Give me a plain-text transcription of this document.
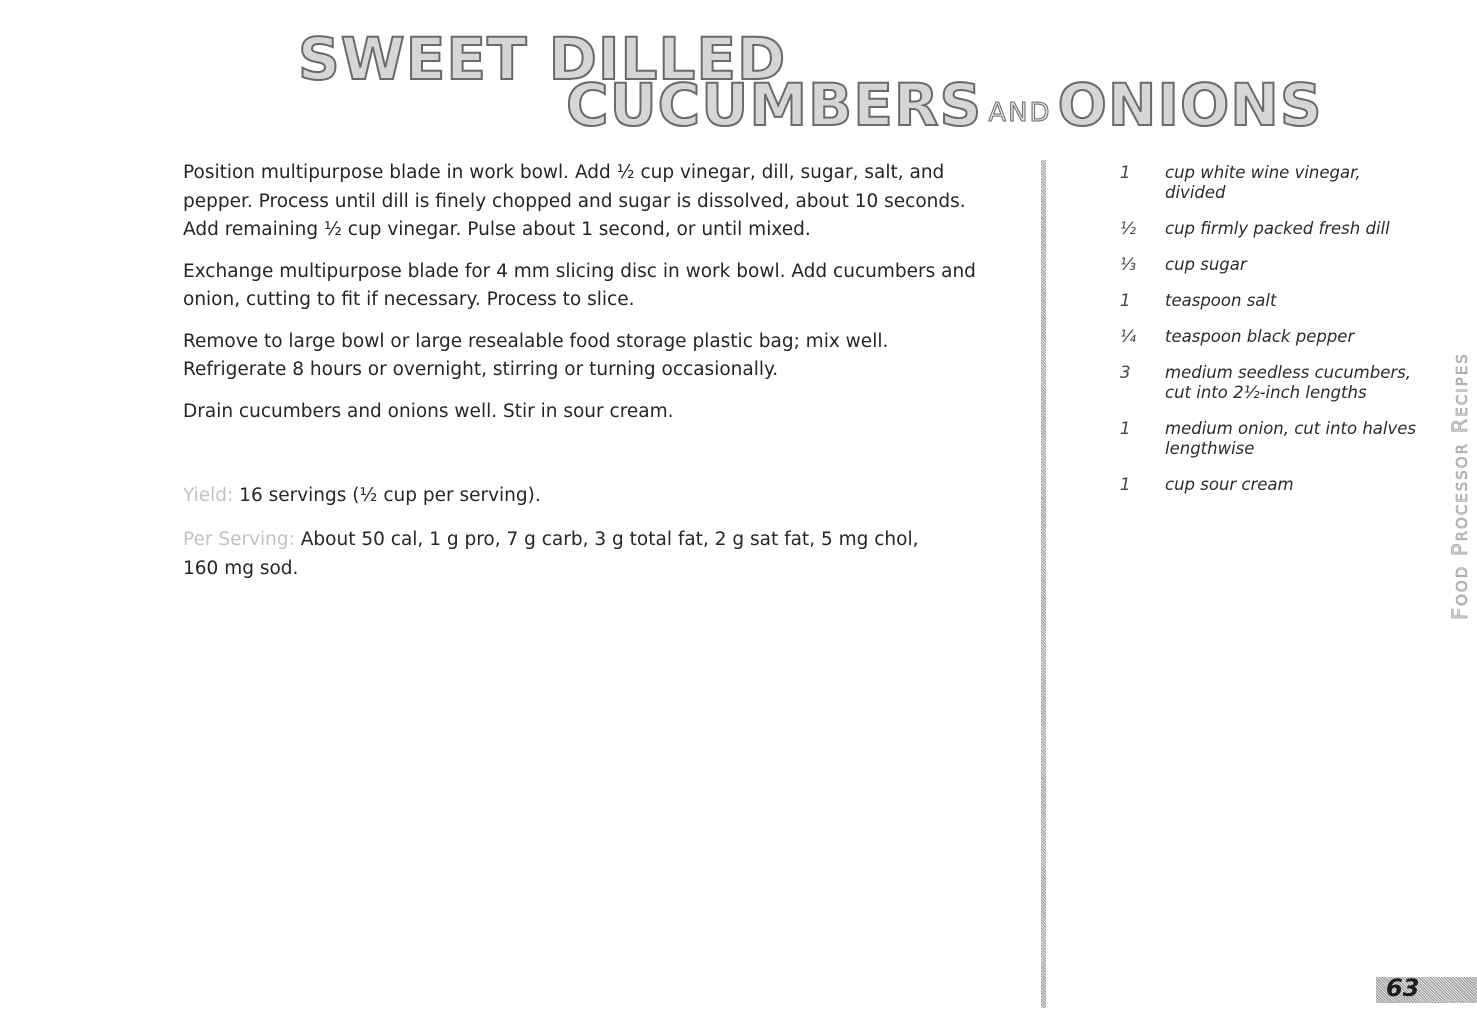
SWEET DILLED
CUCUMBERS AND ONIONS

Position multipurpose blade in work bowl. Add ½ cup vinegar, dill, sugar, salt, and pepper. Process until dill is finely chopped and sugar is dissolved, about 10 seconds. Add remaining ½ cup vinegar. Pulse about 1 second, or until mixed.

Exchange multipurpose blade for 4 mm slicing disc in work bowl. Add cucumbers and onion, cutting to fit if necessary. Process to slice.

Remove to large bowl or large resealable food storage plastic bag; mix well. Refrigerate 8 hours or overnight, stirring or turning occasionally.

Drain cucumbers and onions well. Stir in sour cream.

Yield: 16 servings (½ cup per serving).
Per Serving: About 50 cal, 1 g pro, 7 g carb, 3 g total fat, 2 g sat fat, 5 mg chol, 160 mg sod.
1	cup white wine vinegar, divided
½	cup firmly packed fresh dill
⅓	cup sugar
1	teaspoon salt
¼	teaspoon black pepper
3	medium seedless cucumbers, cut into 2½-inch lengths
1	medium onion, cut into halves lengthwise
1	cup sour cream	Food Processor Recipes
63
